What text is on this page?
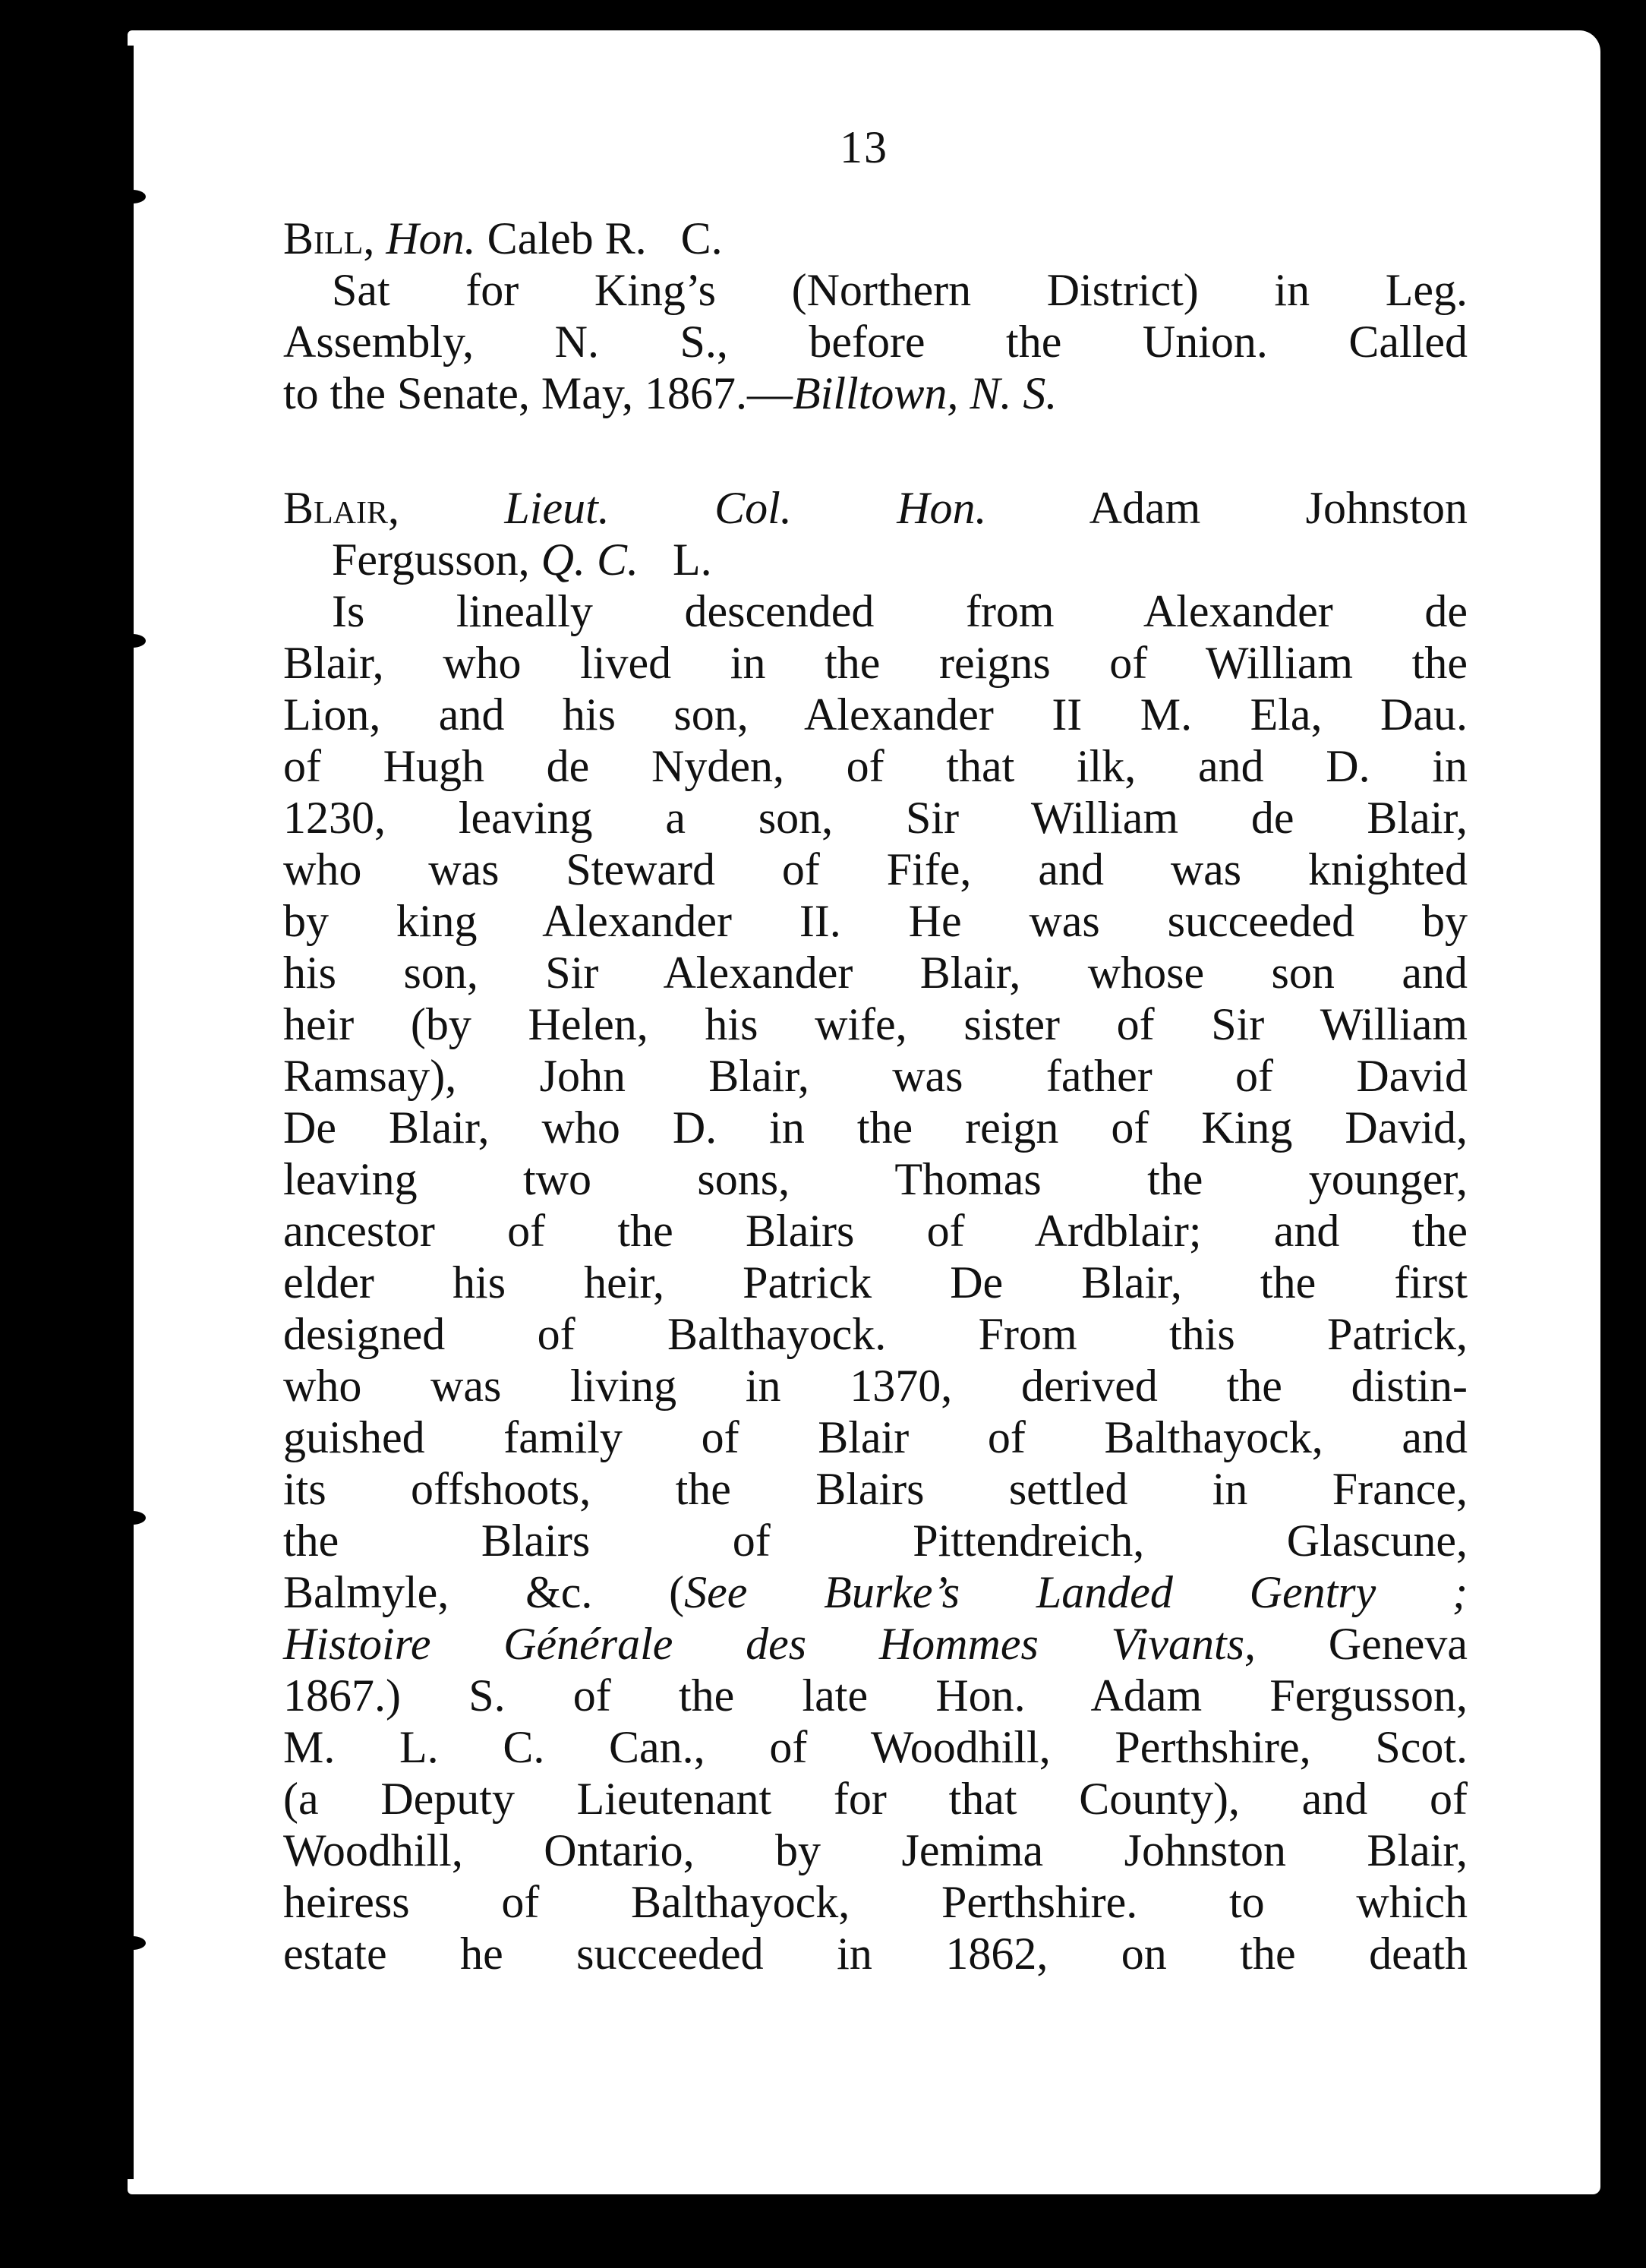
13
Bill, Hon. Caleb R. C.

Sat for King’s (Northern District) in Leg.
Assembly, N. S., before the Union. Called
to the Senate, May, 1867.—Billtown, N. S.

Blair, Lieut. Col. Hon. Adam Johnston
Fergusson, Q. C. L.

Is lineally descended from Alexander de
Blair, who lived in the reigns of William the
Lion, and his son, Alexander II M. Ela, Dau.
of Hugh de Nyden, of that ilk, and D. in
1230, leaving a son, Sir William de Blair,
who was Steward of Fife, and was knighted
by king Alexander II. He was succeeded by
his son, Sir Alexander Blair, whose son and
heir (by Helen, his wife, sister of Sir William
Ramsay), John Blair, was father of David
De Blair, who D. in the reign of King David,
leaving two sons, Thomas the younger,
ancestor of the Blairs of Ardblair; and the
elder his heir, Patrick De Blair, the first
designed of Balthayock. From this Patrick,
who was living in 1370, derived the distin-
guished family of Blair of Balthayock, and
its offshoots, the Blairs settled in France,
the Blairs of Pittendreich, Glascune,
Balmyle, &c. (See Burke’s Landed Gentry ;
Histoire Générale des Hommes Vivants, Geneva
1867.) S. of the late Hon. Adam Fergusson,
M. L. C. Can., of Woodhill, Perthshire, Scot.
(a Deputy Lieutenant for that County), and of
Woodhill, Ontario, by Jemima Johnston Blair,
heiress of Balthayock, Perthshire. to which
estate he succeeded in 1862, on the death
